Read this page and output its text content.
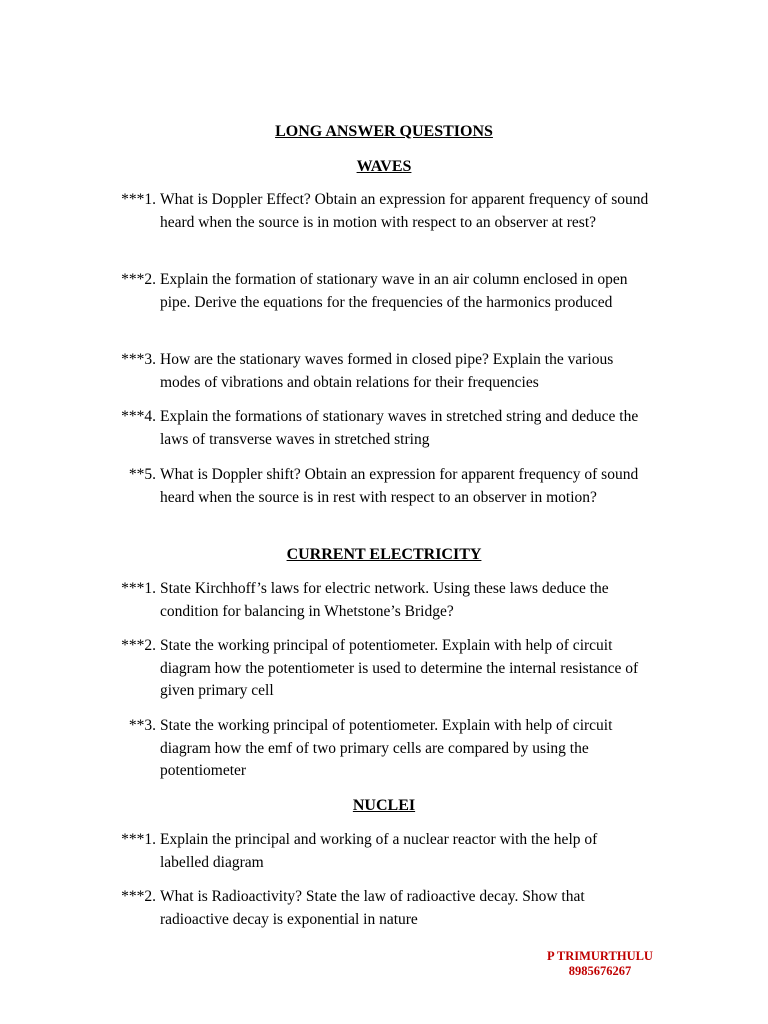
LONG ANSWER QUESTIONS
WAVES
***1. What is Doppler Effect? Obtain an expression for apparent frequency of sound heard when the source is in motion with respect to an observer at rest?
***2. Explain the formation of stationary wave in an air column enclosed in open pipe. Derive the equations for the frequencies of the harmonics produced
***3. How are the stationary waves formed in closed pipe? Explain the various modes of vibrations and obtain relations for their frequencies
***4. Explain the formations of stationary waves in stretched string and deduce the laws of transverse waves in stretched string
**5. What is Doppler shift? Obtain an expression for apparent frequency of sound heard when the source is in rest with respect to an observer in motion?
CURRENT ELECTRICITY
***1. State Kirchhoff’s laws for electric network. Using these laws deduce the condition for balancing in Whetstone’s Bridge?
***2. State the working principal of potentiometer. Explain with help of circuit diagram how the potentiometer is used to determine the internal resistance of given primary cell
**3. State the working principal of potentiometer. Explain with help of circuit diagram how the emf of two primary cells are compared by using the potentiometer
NUCLEI
***1. Explain the principal and working of a nuclear reactor with the help of labelled diagram
***2. What is Radioactivity? State the law of radioactive decay. Show that radioactive decay is exponential in nature
P TRIMURTHULU
8985676267
